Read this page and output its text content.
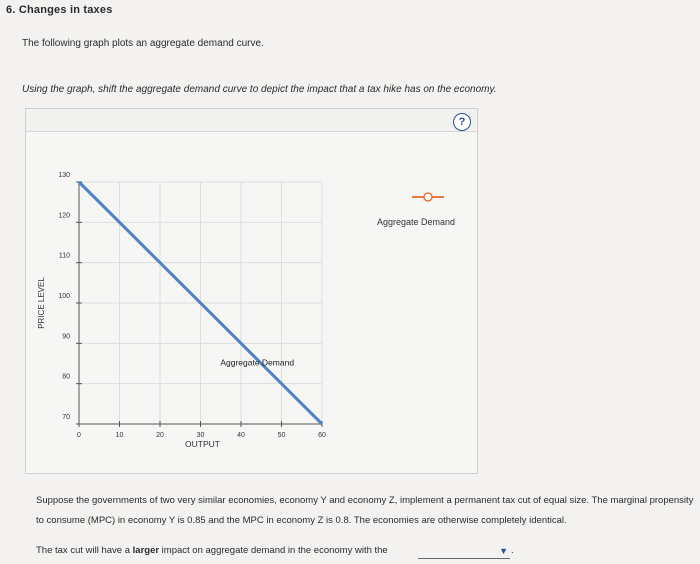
6. Changes in taxes
The following graph plots an aggregate demand curve.
Using the graph, shift the aggregate demand curve to depict the impact that a tax hike has on the economy.
?
0	10	20	30	40	50	60
70
80
90
100
110
120
130
OUTPUT
PRICE LEVEL
Aggregate Demand
Aggregate Demand
Suppose the governments of two very similar economies, economy Y and economy Z, implement a permanent tax cut of equal size. The marginal propensity to consume (MPC) in economy Y is 0.85 and the MPC in economy Z is 0.8. The economies are otherwise completely identical.
The tax cut will have a larger impact on aggregate demand in the economy with the	▼ .
